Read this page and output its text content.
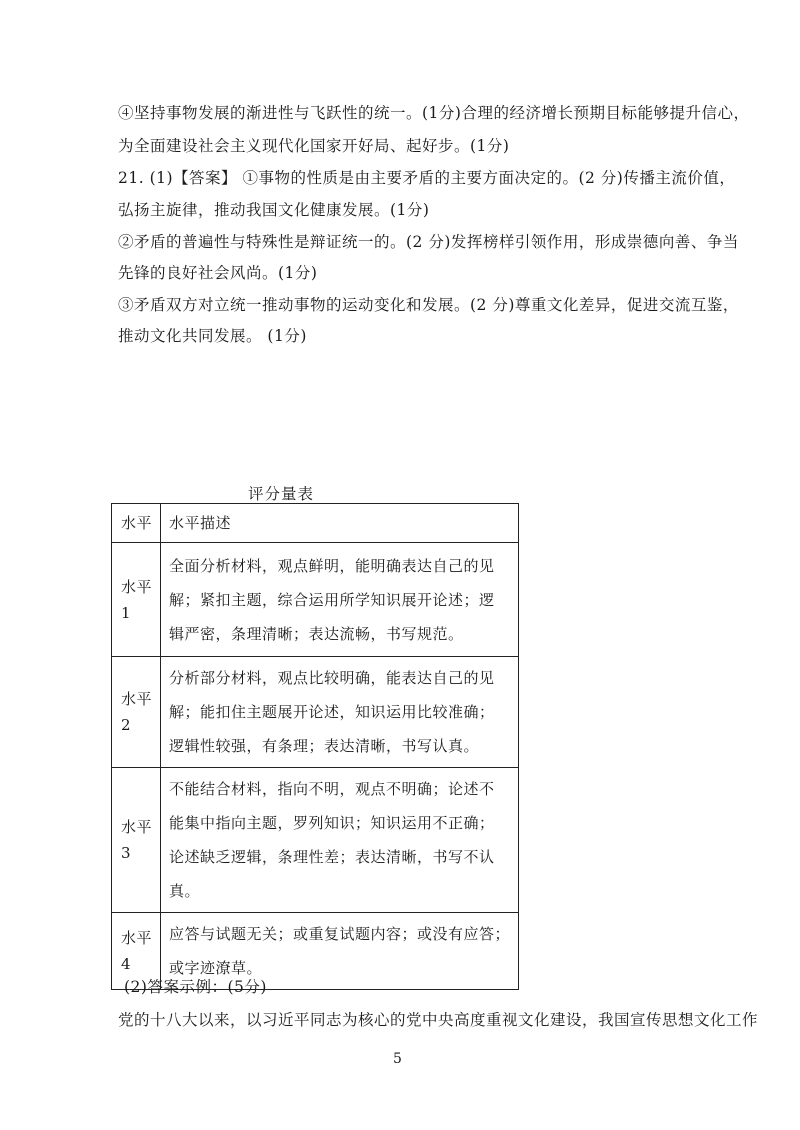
④坚持事物发展的渐进性与飞跃性的统一。(1分)合理的经济增长预期目标能够提升信心，
为全面建设社会主义现代化国家开好局、起好步。(1分)
21. (1)【答案】 ①事物的性质是由主要矛盾的主要方面决定的。(2 分)传播主流价值，
弘扬主旋律，推动我国文化健康发展。(1分)
②矛盾的普遍性与特殊性是辩证统一的。(2 分)发挥榜样引领作用，形成崇德向善、争当
先锋的良好社会风尚。(1分)
③矛盾双方对立统一推动事物的运动变化和发展。(2 分)尊重文化差异，促进交流互鉴，
推动文化共同发展。 (1分)
评分量表
水平	水平描述

水平
1	全面分析材料，观点鲜明，能明确表达自己的见
解；紧扣主题，综合运用所学知识展开论述；逻
辑严密，条理清晰；表达流畅，书写规范。

水平
2	分析部分材料，观点比较明确，能表达自己的见
解；能扣住主题展开论述，知识运用比较准确；
逻辑性较强，有条理；表达清晰，书写认真。

水平
3	不能结合材料，指向不明，观点不明确；论述不
能集中指向主题，罗列知识；知识运用不正确；
论述缺乏逻辑，条理性差；表达清晰，书写不认
真。

水平
4	应答与试题无关；或重复试题内容；或没有应答；
或字迹潦草。
(2)答案示例：(5分)
党的十八大以来，以习近平同志为核心的党中央高度重视文化建设，我国宣传思想文化工作
5
